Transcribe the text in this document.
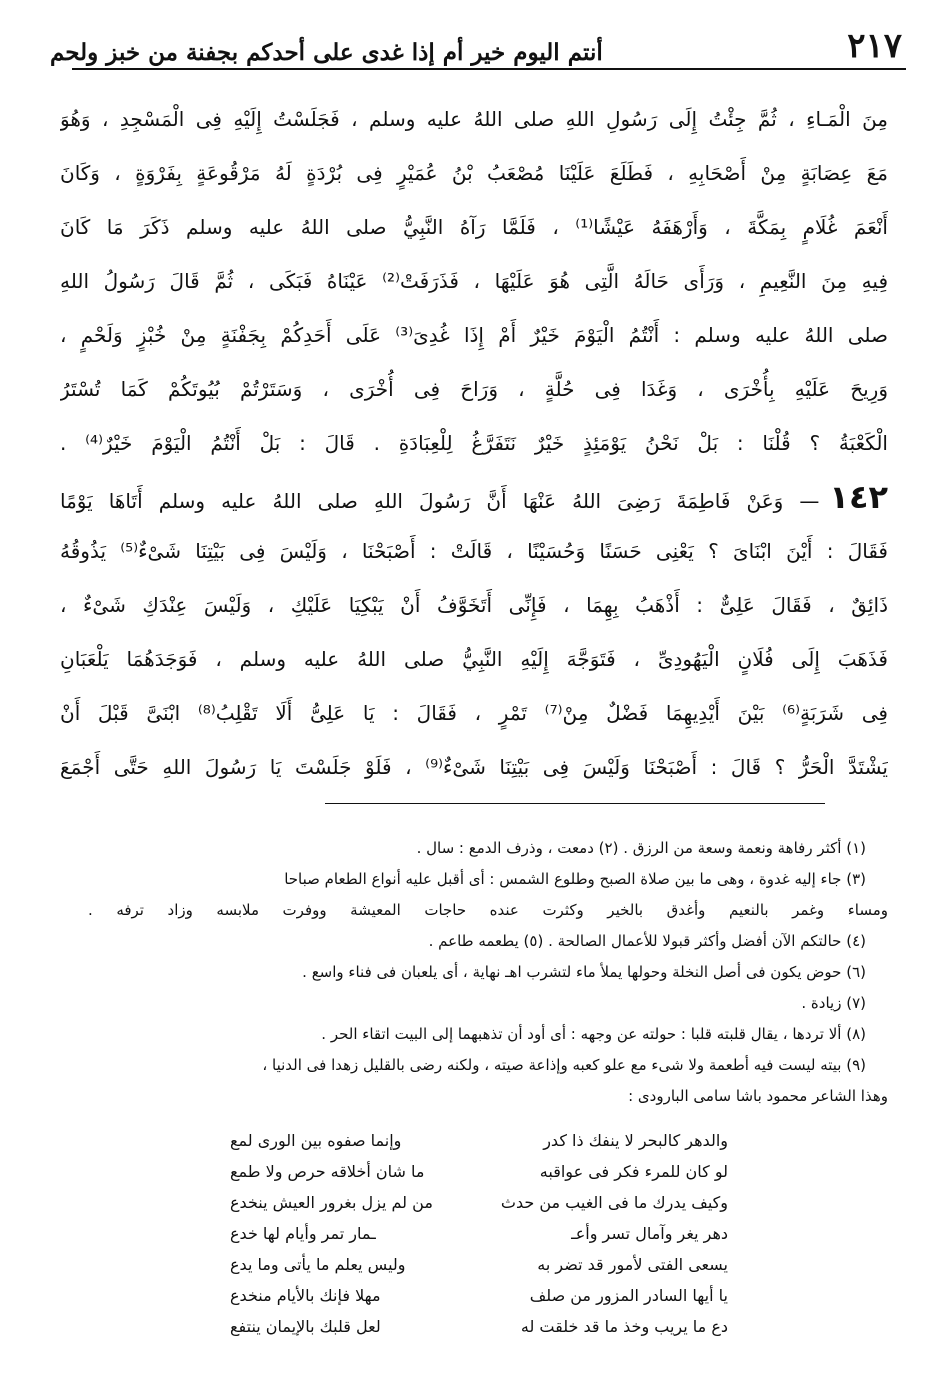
٢١٧
أنتم اليوم خير أم إذا غدى على أحدكم بجفنة من خبز ولحم

مِنَ الْمَـاءِ ، ثُمَّ جِئْتُ إِلَى رَسُولِ اللهِ صلى اللهُ عليه وسلم ، فَجَلَسْتُ إِلَيْهِ فِى الْمَسْجِدِ ، وَهُوَ

مَعَ عِصَابَةٍ مِنْ أَصْحَابِهِ ، فَطَلَعَ عَلَيْنَا مُصْعَبُ بْنُ عُمَيْرٍ فِى بُرْدَةٍ لَهُ مَرْقُوعَةٍ بِفَرْوَةٍ ، وَكَانَ

أَنْعَمَ غُلَامٍ بِمَكَّةَ ، وَأَرْهَفَهُ عَيْشًا⁽¹⁾ ، فَلَمَّا رَآهُ النَّبِيُّ صلى اللهُ عليه وسلم ذَكَرَ مَا كَانَ

فِيهِ مِنَ النَّعِيمِ ، وَرَأَى حَالَهُ الَّتِى هُوَ عَلَيْهَا ، فَذَرَفَتْ⁽²⁾ عَيْنَاهُ فَبَكَى ، ثُمَّ قَالَ رَسُولُ اللهِ

صلى اللهُ عليه وسلم : أَنْتُمُ الْيَوْمَ خَيْرٌ أَمْ إِذَا غُدِىَ⁽³⁾ عَلَى أَحَدِكُمْ بِجَفْنَةٍ مِنْ خُبْزٍ وَلَحْمٍ ،

وَرِيحَ عَلَيْهِ بِأُخْرَى ، وَغَدَا فِى حُلَّةٍ ، وَرَاحَ فِى أُخْرَى ، وَسَتَرْتُمْ بُيُوتَكُمْ كَمَا تُسْتَرُ

الْكَعْبَةُ ؟ قُلْنَا : بَلْ نَحْنُ يَوْمَئِذٍ خَيْرٌ نَتَفَرَّغُ لِلْعِبَادَةِ . قَالَ : بَلْ أَنْتُمُ الْيَوْمَ خَيْرٌ⁽⁴⁾ .

١٤٢— وَعَنْ فَاطِمَةَ رَضِىَ اللهُ عَنْهَا أَنَّ رَسُولَ اللهِ صلى اللهُ عليه وسلم أَتَاهَا يَوْمًا

فَقَالَ : أَيْنَ ابْنَاىَ ؟ يَعْنِى حَسَنًا وَحُسَيْنًا ، قَالَتْ : أَصْبَحْنَا ، وَلَيْسَ فِى بَيْتِنَا شَىْءٌ⁽⁵⁾ يَذُوقُهُ

ذَائِقٌ ، فَقَالَ عَلِىٌّ : أَذْهَبُ بِهِمَا ، فَإِنِّى أَتَخَوَّفُ أَنْ يَبْكِيَا عَلَيْكِ ، وَلَيْسَ عِنْدَكِ شَىْءٌ ،

فَذَهَبَ إِلَى فُلَانٍ الْيَهُودِىِّ ، فَتَوَجَّهَ إِلَيْهِ النَّبِيُّ صلى اللهُ عليه وسلم ، فَوَجَدَهُمَا يَلْعَبَانِ

فِى شَرَبَةٍ⁽⁶⁾ بَيْنَ أَيْدِيهِمَا فَضْلٌ مِنْ⁽⁷⁾ تَمْرٍ ، فَقَالَ : يَا عَلِىُّ أَلَا تَقْلِبُ⁽⁸⁾ ابْنَىَّ قَبْلَ أَنْ

يَشْتَدَّ الْحَرُّ ؟ قَالَ : أَصْبَحْنَا وَلَيْسَ فِى بَيْتِنَا شَىْءٌ⁽⁹⁾ ، فَلَوْ جَلَسْتَ يَا رَسُولَ اللهِ حَتَّى أَجْمَعَ

(١) أكثر رفاهة ونعمة وسعة من الرزق . (٢) دمعت ، وذرف الدمع : سال .

(٣) جاء إليه غدوة ، وهى ما بين صلاة الصبح وطلوع الشمس : أى أقبل عليه أنواع الطعام صباحا

ومساء وغمر بالنعيم وأغدق بالخير وكثرت عنده حاجات المعيشة ووفرت ملابسه وزاد ترفه .

(٤) حالتكم الآن أفضل وأكثر قبولا للأعمال الصالحة . (٥) يطعمه طاعم .

(٦) حوض يكون فى أصل النخلة وحولها يملأ ماء لتشرب اهـ نهاية ، أى يلعبان فى فناء واسع .

(٧) زيادة .

(٨) ألا تردها ، يقال قلبته قلبا : حولته عن وجهه : أى أود أن تذهبهما إلى البيت اتقاء الحر .

(٩) بيته ليست فيه أطعمة ولا شىء مع علو كعبه وإذاعة صيته ، ولكنه رضى بالقليل زهدا فى الدنيا ،

وهذا الشاعر محمود باشا سامى البارودى :

والدهر كالبحر لا ينفك ذا كدر
وإنما صفوه بين الورى لمع
لو كان للمرء فكر فى عواقبه
ما شان أخلاقه حرص ولا طمع
وكيف يدرك ما فى الغيب من حدث
من لم يزل بغرور العيش ينخدع
دهر يغر وآمال تسر وأعـ
ـمار تمر وأيام لها خدع
يسعى الفتى لأمور قد تضر به
وليس يعلم ما يأتى وما يدع
يا أيها السادر المزور من صلف
مهلا فإنك بالأيام منخدع
دع ما يريب وخذ ما قد خلقت له
لعل قلبك بالإيمان ينتفع
